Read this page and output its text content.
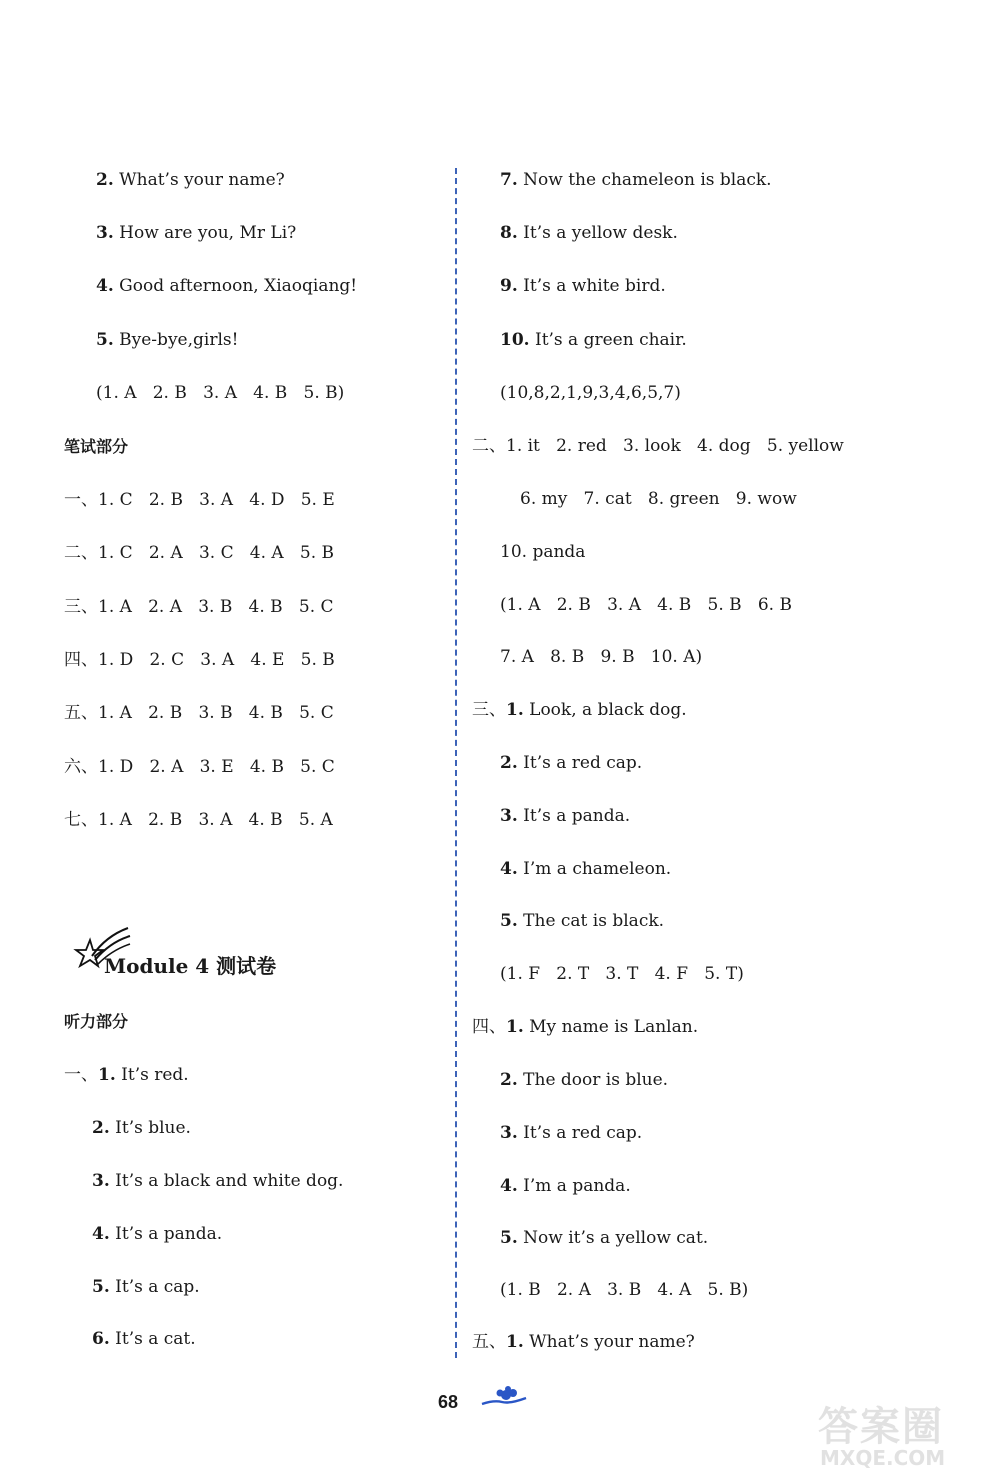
2. What’s your name?
3. How are you, Mr Li?
4. Good afternoon, Xiaoqiang!
5. Bye-bye,girls!
(1. A   2. B   3. A   4. B   5. B)
笔试部分
一、1. C   2. B   3. A   4. D   5. E
二、1. C   2. A   3. C   4. A   5. B
三、1. A   2. A   3. B   4. B   5. C
四、1. D   2. C   3. A   4. E   5. B
五、1. A   2. B   3. B   4. B   5. C
六、1. D   2. A   3. E   4. B   5. C
七、1. A   2. B   3. A   4. B   5. A
Module 4 测试卷
听力部分
一、1. It’s red.
2. It’s blue.
3. It’s a black and white dog.
4. It’s a panda.
5. It’s a cap.
6. It’s a cat.
7. Now the chameleon is black.
8. It’s a yellow desk.
9. It’s a white bird.
10. It’s a green chair.
(10,8,2,1,9,3,4,6,5,7)
二、1. it   2. red   3. look   4. dog   5. yellow
6. my   7. cat   8. green   9. wow
10. panda
(1. A   2. B   3. A   4. B   5. B   6. B
7. A   8. B   9. B   10. A)
三、1. Look, a black dog.
2. It’s a red cap.
3. It’s a panda.
4. I’m a chameleon.
5. The cat is black.
(1. F   2. T   3. T   4. F   5. T)
四、1. My name is Lanlan.
2. The door is blue.
3. It’s a red cap.
4. I’m a panda.
5. Now it’s a yellow cat.
(1. B   2. A   3. B   4. A   5. B)
五、1. What’s your name?
68
答案圈
MXQE.COM
